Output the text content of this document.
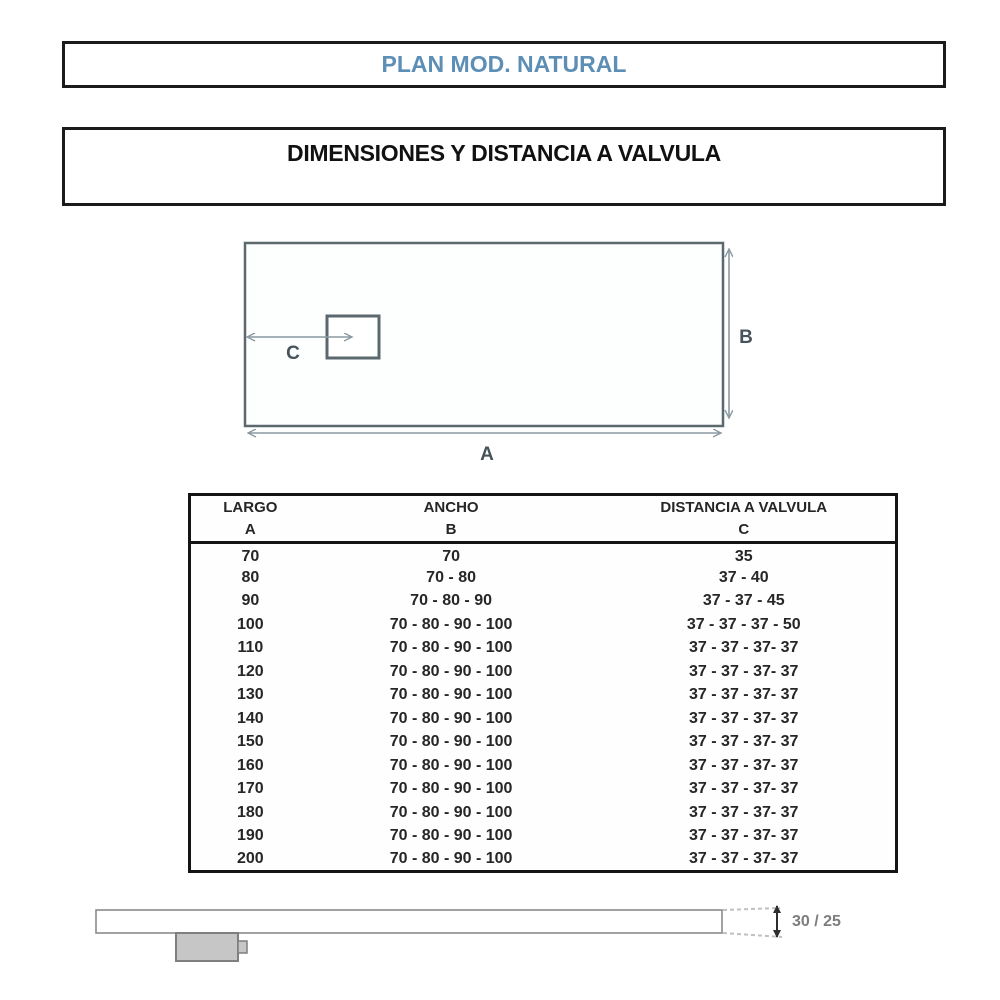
PLAN MOD. NATURAL
DIMENSIONES Y DISTANCIA A VALVULA
C
B
A
LARGO	ANCHO	DISTANCIA A VALVULA
A	B	C
70	70	35
80	70 - 80	37 - 40
90	70 - 80 - 90	37 - 37 - 45
100	70 - 80 - 90 - 100	37 - 37 - 37 - 50
110	70 - 80 - 90 - 100	37 - 37 - 37- 37
120	70 - 80 - 90 - 100	37 - 37 - 37- 37
130	70 - 80 - 90 - 100	37 - 37 - 37- 37
140	70 - 80 - 90 - 100	37 - 37 - 37- 37
150	70 - 80 - 90 - 100	37 - 37 - 37- 37
160	70 - 80 - 90 - 100	37 - 37 - 37- 37
170	70 - 80 - 90 - 100	37 - 37 - 37- 37
180	70 - 80 - 90 - 100	37 - 37 - 37- 37
190	70 - 80 - 90 - 100	37 - 37 - 37- 37
200	70 - 80 - 90 - 100	37 - 37 - 37- 37
30 / 25
